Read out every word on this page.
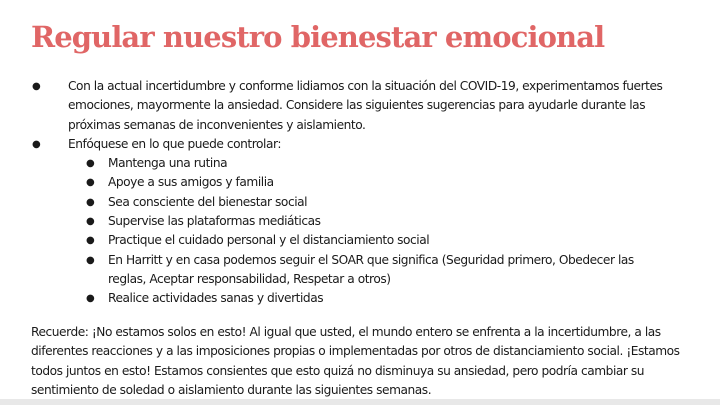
Regular nuestro bienestar emocional
● Con la actual incertidumbre y conforme lidiamos con la situación del COVID-19, experimentamos fuertes emociones, mayormente la ansiedad. Considere las siguientes sugerencias para ayudarle durante las próximas semanas de inconvenientes y aislamiento.
● Enfóquese en lo que puede controlar:
● Mantenga una rutina
● Apoye a sus amigos y familia
● Sea consciente del bienestar social
● Supervise las plataformas mediáticas
● Practique el cuidado personal y el distanciamiento social
● En Harritt y en casa podemos seguir el SOAR que significa (Seguridad primero, Obedecer las reglas, Aceptar responsabilidad, Respetar a otros)
● Realice actividades sanas y divertidas

Recuerde: ¡No estamos solos en esto! Al igual que usted, el mundo entero se enfrenta a la incertidumbre, a las diferentes reacciones y a las imposiciones propias o implementadas por otros de distanciamiento social. ¡Estamos todos juntos en esto! Estamos consientes que esto quizá no disminuya su ansiedad, pero podría cambiar su sentimiento de soledad o aislamiento durante las siguientes semanas.
